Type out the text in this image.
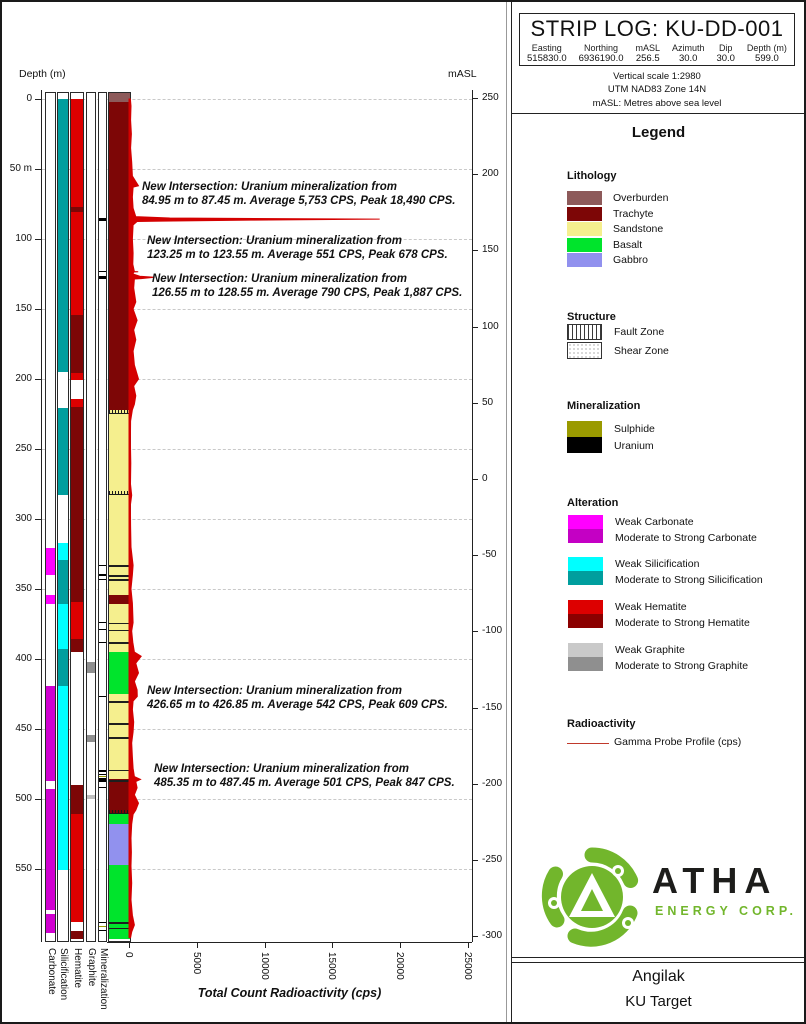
Depth (m)	mASL
0
50 m
100
150
200
250
300
350
400
450
500
550
250
200
150
100
50
0
-50
-100
-150
-200
-250
-300
0	5000	10000	15000	20000	25000
Carbonate Silicification Hematite Graphite Mineralization
New Intersection: Uranium mineralization from
84.95 m to 87.45 m. Average 5,753 CPS, Peak 18,490 CPS.
New Intersection: Uranium mineralization from
123.25 m to 123.55 m. Average 551 CPS, Peak 678 CPS.
New Intersection: Uranium mineralization from
126.55 m to 128.55 m. Average 790 CPS, Peak 1,887 CPS.
New Intersection: Uranium mineralization from
426.65 m to 426.85 m. Average 542 CPS, Peak 609 CPS.
New Intersection: Uranium mineralization from
485.35 m to 487.45 m. Average 501 CPS, Peak 847 CPS.
Total Count Radioactivity (cps)
STRIP LOG: KU-DD-001
Easting
515830.0
Northing
6936190.0
mASL
256.5
Azimuth
30.0
Dip
30.0
Depth (m)
599.0
Vertical scale 1:2980
UTM NAD83 Zone 14N
mASL: Metres above sea level
Legend
Lithology
Overburden
Trachyte
Sandstone
Basalt
Gabbro
Structure
Fault Zone
Shear Zone
Mineralization
Sulphide
Uranium
Alteration
Weak Carbonate
Moderate to Strong Carbonate
Weak Silicification
Moderate to Strong Silicification
Weak Hematite
Moderate to Strong Hematite
Weak Graphite
Moderate to Strong Graphite
Radioactivity
Gamma Probe Profile (cps)
ATHA
ENERGY CORP.
Angilak
KU Target
